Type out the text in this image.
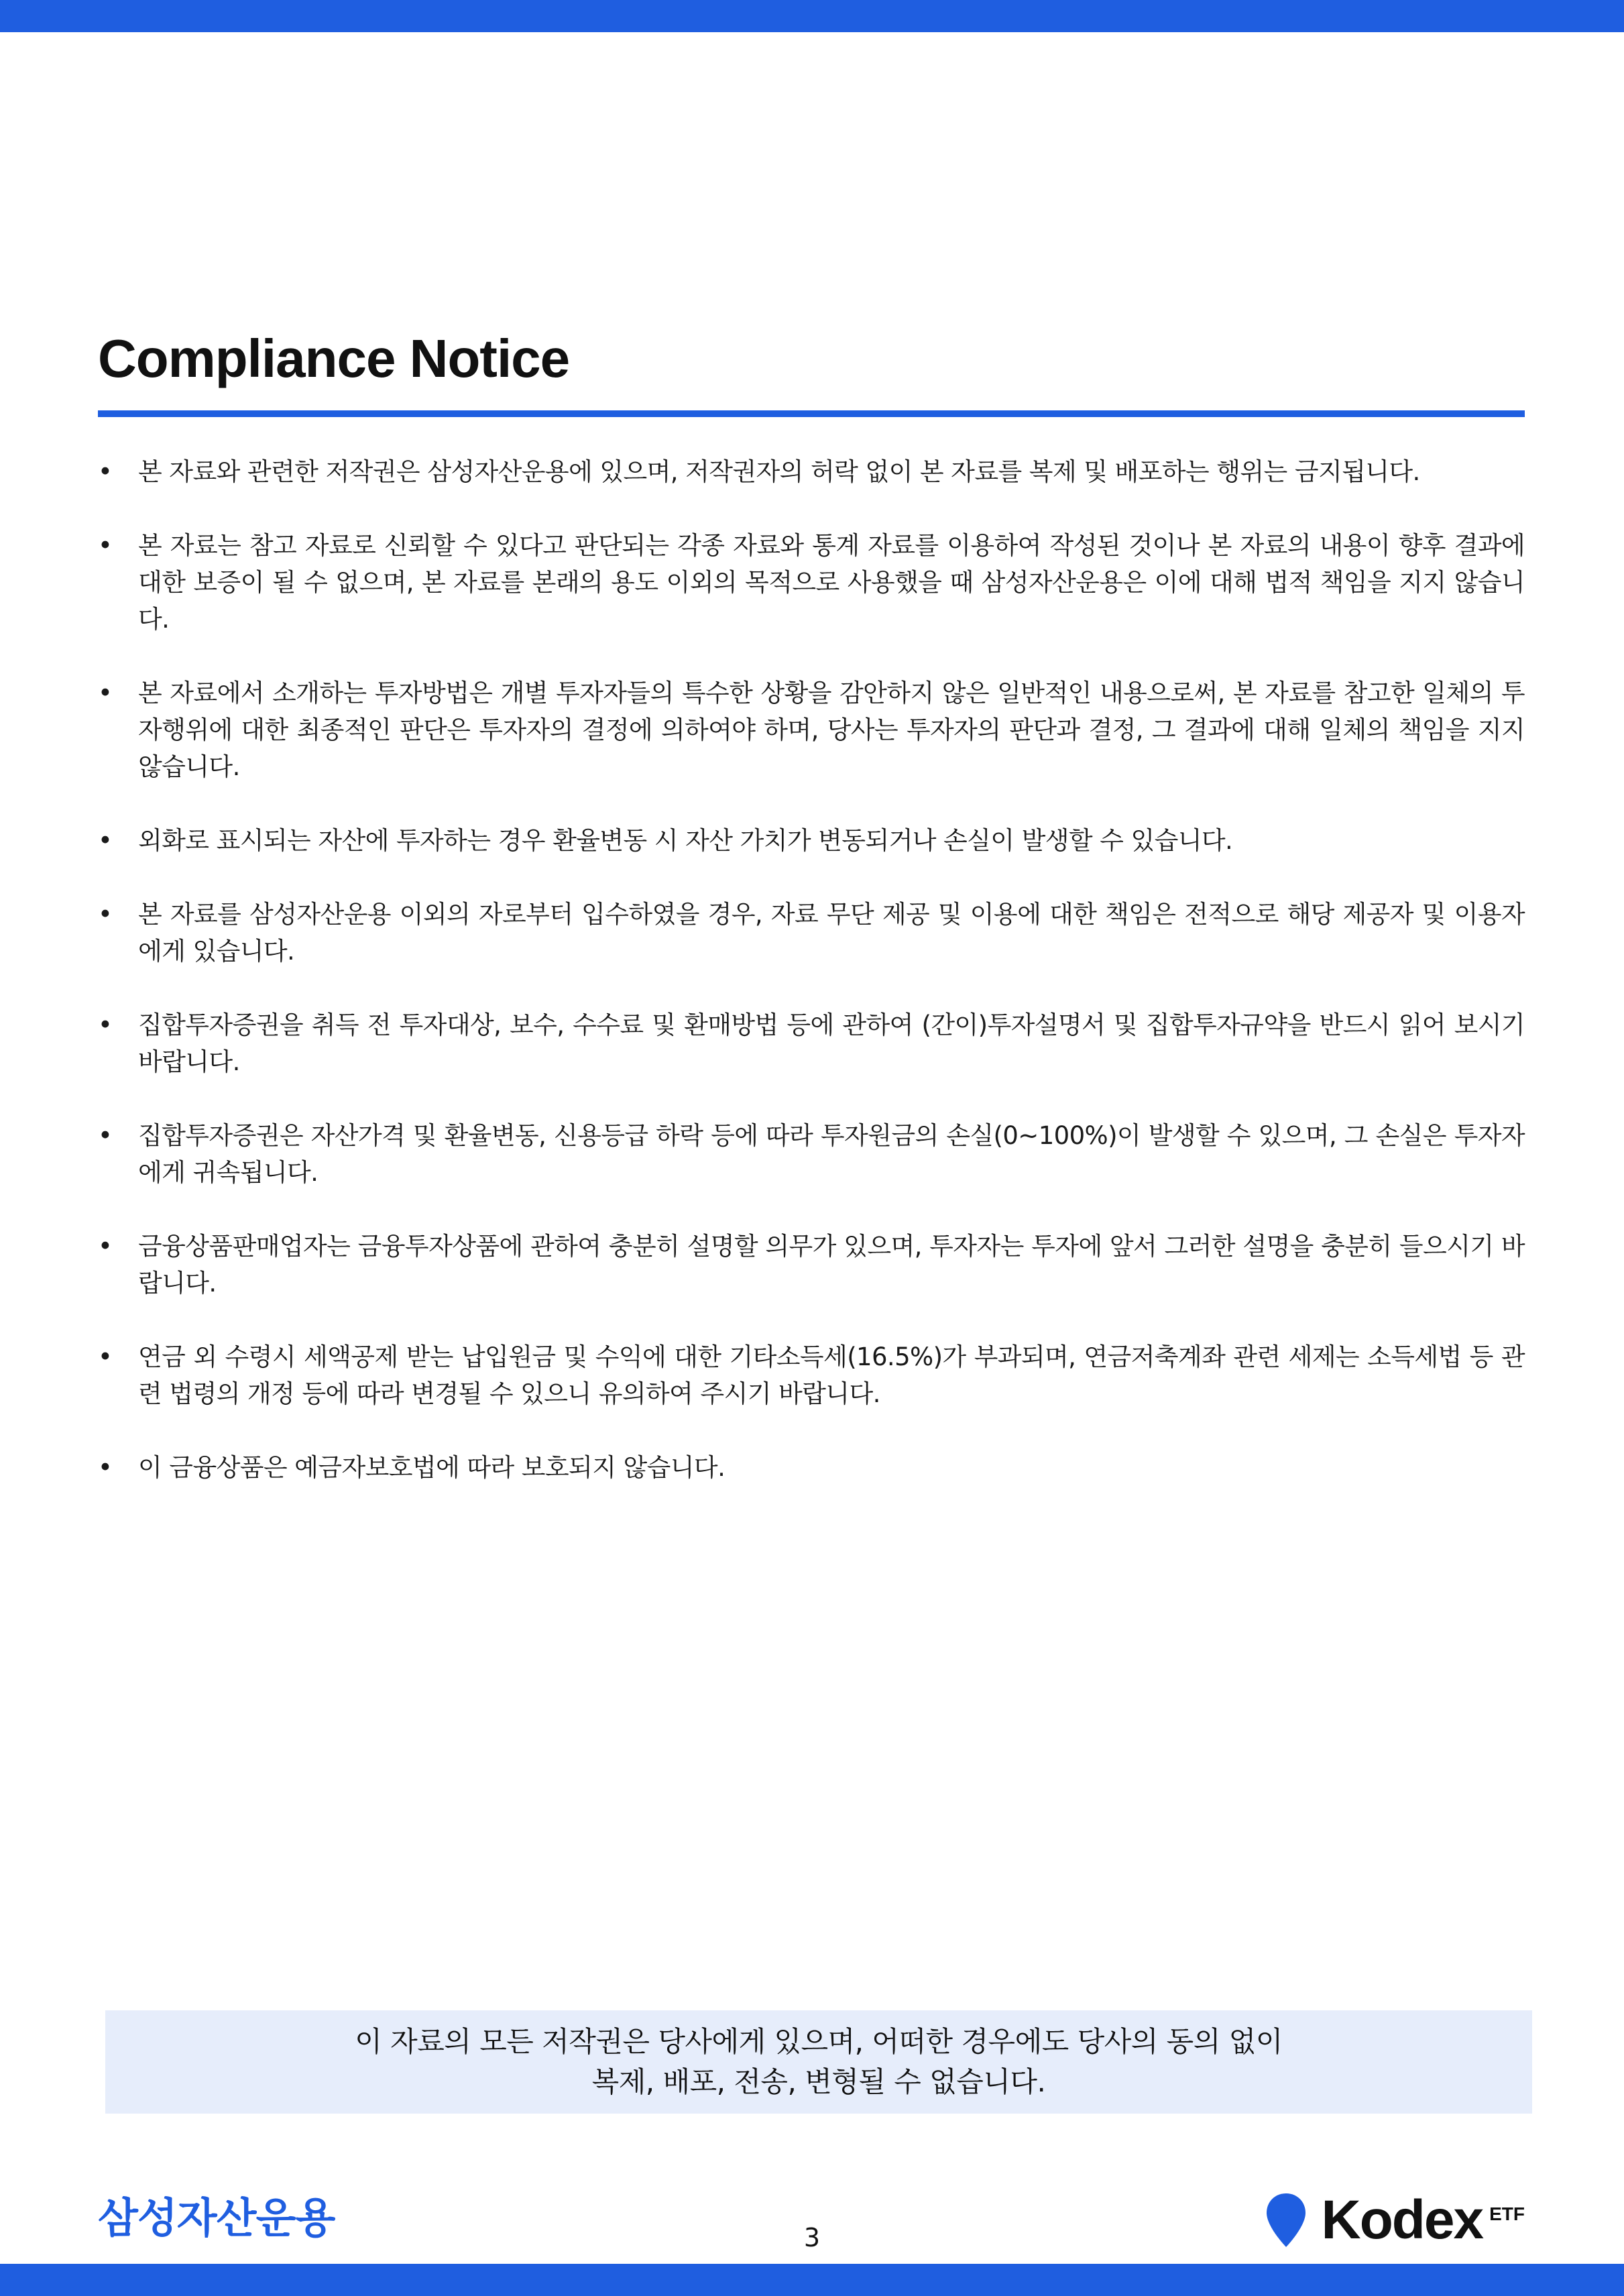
Compliance Notice
• 본 자료와 관련한 저작권은 삼성자산운용에 있으며, 저작권자의 허락 없이 본 자료를 복제 및 배포하는 행위는 금지됩니다.
• 본 자료는 참고 자료로 신뢰할 수 있다고 판단되는 각종 자료와 통계 자료를 이용하여 작성된 것이나 본 자료의 내용이 향후 결과에 대한 보증이 될 수 없으며, 본 자료를 본래의 용도 이외의 목적으로 사용했을 때 삼성자산운용은 이에 대해 법적 책임을 지지 않습니다.
• 본 자료에서 소개하는 투자방법은 개별 투자자들의 특수한 상황을 감안하지 않은 일반적인 내용으로써, 본 자료를 참고한 일체의 투자행위에 대한 최종적인 판단은 투자자의 결정에 의하여야 하며, 당사는 투자자의 판단과 결정, 그 결과에 대해 일체의 책임을 지지 않습니다.
• 외화로 표시되는 자산에 투자하는 경우 환율변동 시 자산 가치가 변동되거나 손실이 발생할 수 있습니다.
• 본 자료를 삼성자산운용 이외의 자로부터 입수하였을 경우, 자료 무단 제공 및 이용에 대한 책임은 전적으로 해당 제공자 및 이용자에게 있습니다.
• 집합투자증권을 취득 전 투자대상, 보수, 수수료 및 환매방법 등에 관하여 (간이)투자설명서 및 집합투자규약을 반드시 읽어 보시기 바랍니다.
• 집합투자증권은 자산가격 및 환율변동, 신용등급 하락 등에 따라 투자원금의 손실(0~100%)이 발생할 수 있으며, 그 손실은 투자자에게 귀속됩니다.
• 금융상품판매업자는 금융투자상품에 관하여 충분히 설명할 의무가 있으며, 투자자는 투자에 앞서 그러한 설명을 충분히 들으시기 바랍니다.
• 연금 외 수령시 세액공제 받는 납입원금 및 수익에 대한 기타소득세(16.5%)가 부과되며, 연금저축계좌 관련 세제는 소득세법 등 관련 법령의 개정 등에 따라 변경될 수 있으니 유의하여 주시기 바랍니다.
• 이 금융상품은 예금자보호법에 따라 보호되지 않습니다.
이 자료의 모든 저작권은 당사에게 있으며, 어떠한 경우에도 당사의 동의 없이
복제, 배포, 전송, 변형될 수 없습니다.
삼성자산운용	3	Kodex ETF
